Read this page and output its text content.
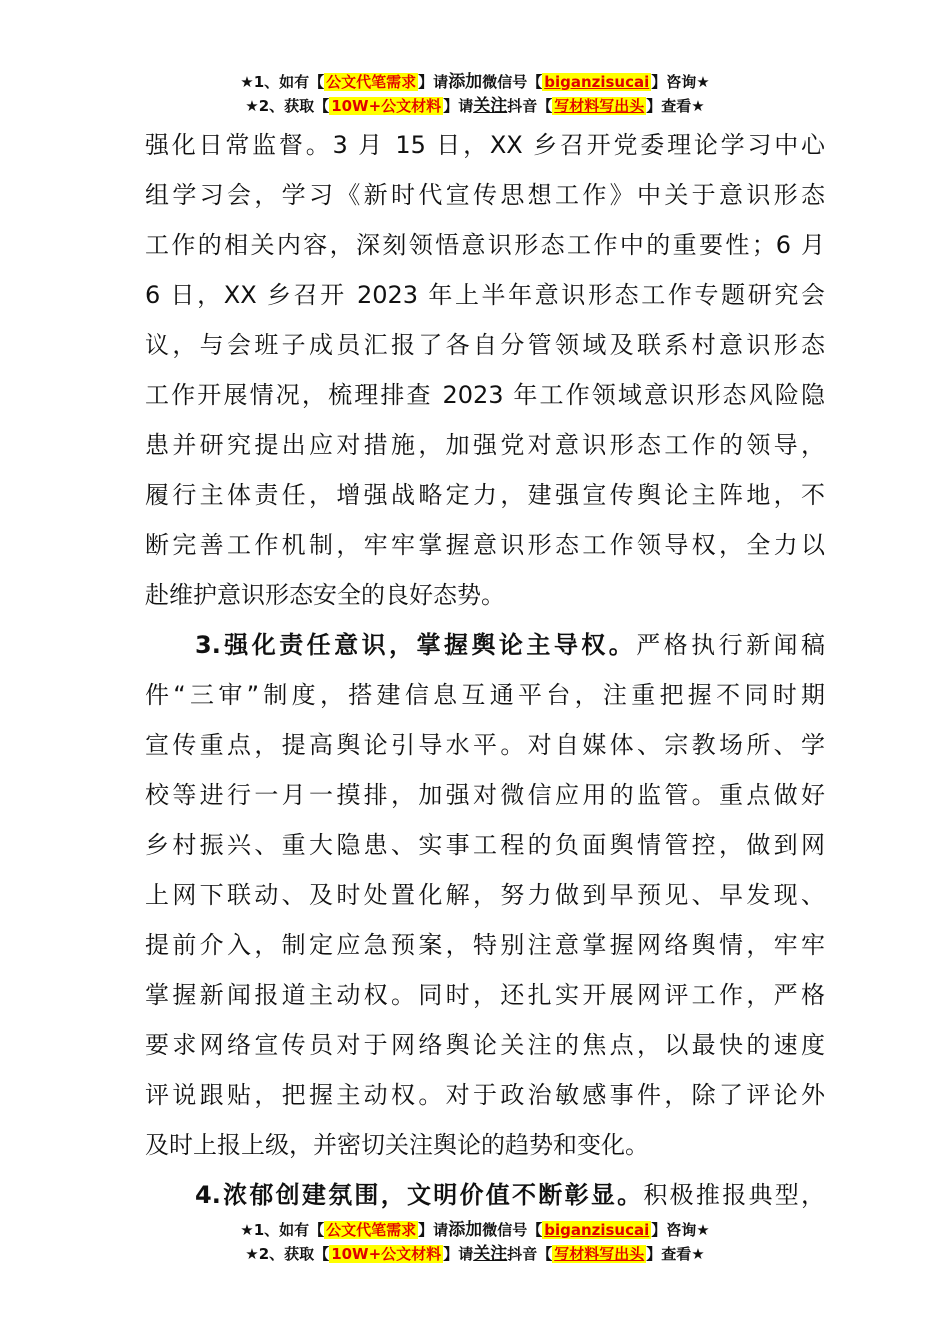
★1、如有【 公文代笔需求 】请添加微信号【 biganzisucai 】咨询★
★2、获取【 10W+公文材料 】请关注抖音【 写材料写出头 】查看★
强化日常监督。3 月 15 日，XX 乡召开党委理论学习中心
组学习会，学习《新时代宣传思想工作》中关于意识形态
工作的相关内容，深刻领悟意识形态工作中的重要性；6 月
6 日，XX 乡召开 2023 年上半年意识形态工作专题研究会
议，与会班子成员汇报了各自分管领域及联系村意识形态
工作开展情况，梳理排查 2023 年工作领域意识形态风险隐
患并研究提出应对措施，加强党对意识形态工作的领导，
履行主体责任，增强战略定力，建强宣传舆论主阵地，不
断完善工作机制，牢牢掌握意识形态工作领导权，全力以
赴维护意识形态安全的良好态势。
3.强化责任意识，掌握舆论主导权。严格执行新闻稿
件“三审”制度，搭建信息互通平台，注重把握不同时期
宣传重点，提高舆论引导水平。对自媒体、宗教场所、学
校等进行一月一摸排，加强对微信应用的监管。重点做好
乡村振兴、重大隐患、实事工程的负面舆情管控，做到网
上网下联动、及时处置化解，努力做到早预见、早发现、
提前介入，制定应急预案，特别注意掌握网络舆情，牢牢
掌握新闻报道主动权。同时，还扎实开展网评工作，严格
要求网络宣传员对于网络舆论关注的焦点，以最快的速度
评说跟贴，把握主动权。对于政治敏感事件，除了评论外
及时上报上级，并密切关注舆论的趋势和变化。
4.浓郁创建氛围，文明价值不断彰显。积极推报典型，
★1、如有【 公文代笔需求 】请添加微信号【 biganzisucai 】咨询★
★2、获取【 10W+公文材料 】请关注抖音【 写材料写出头 】查看★
